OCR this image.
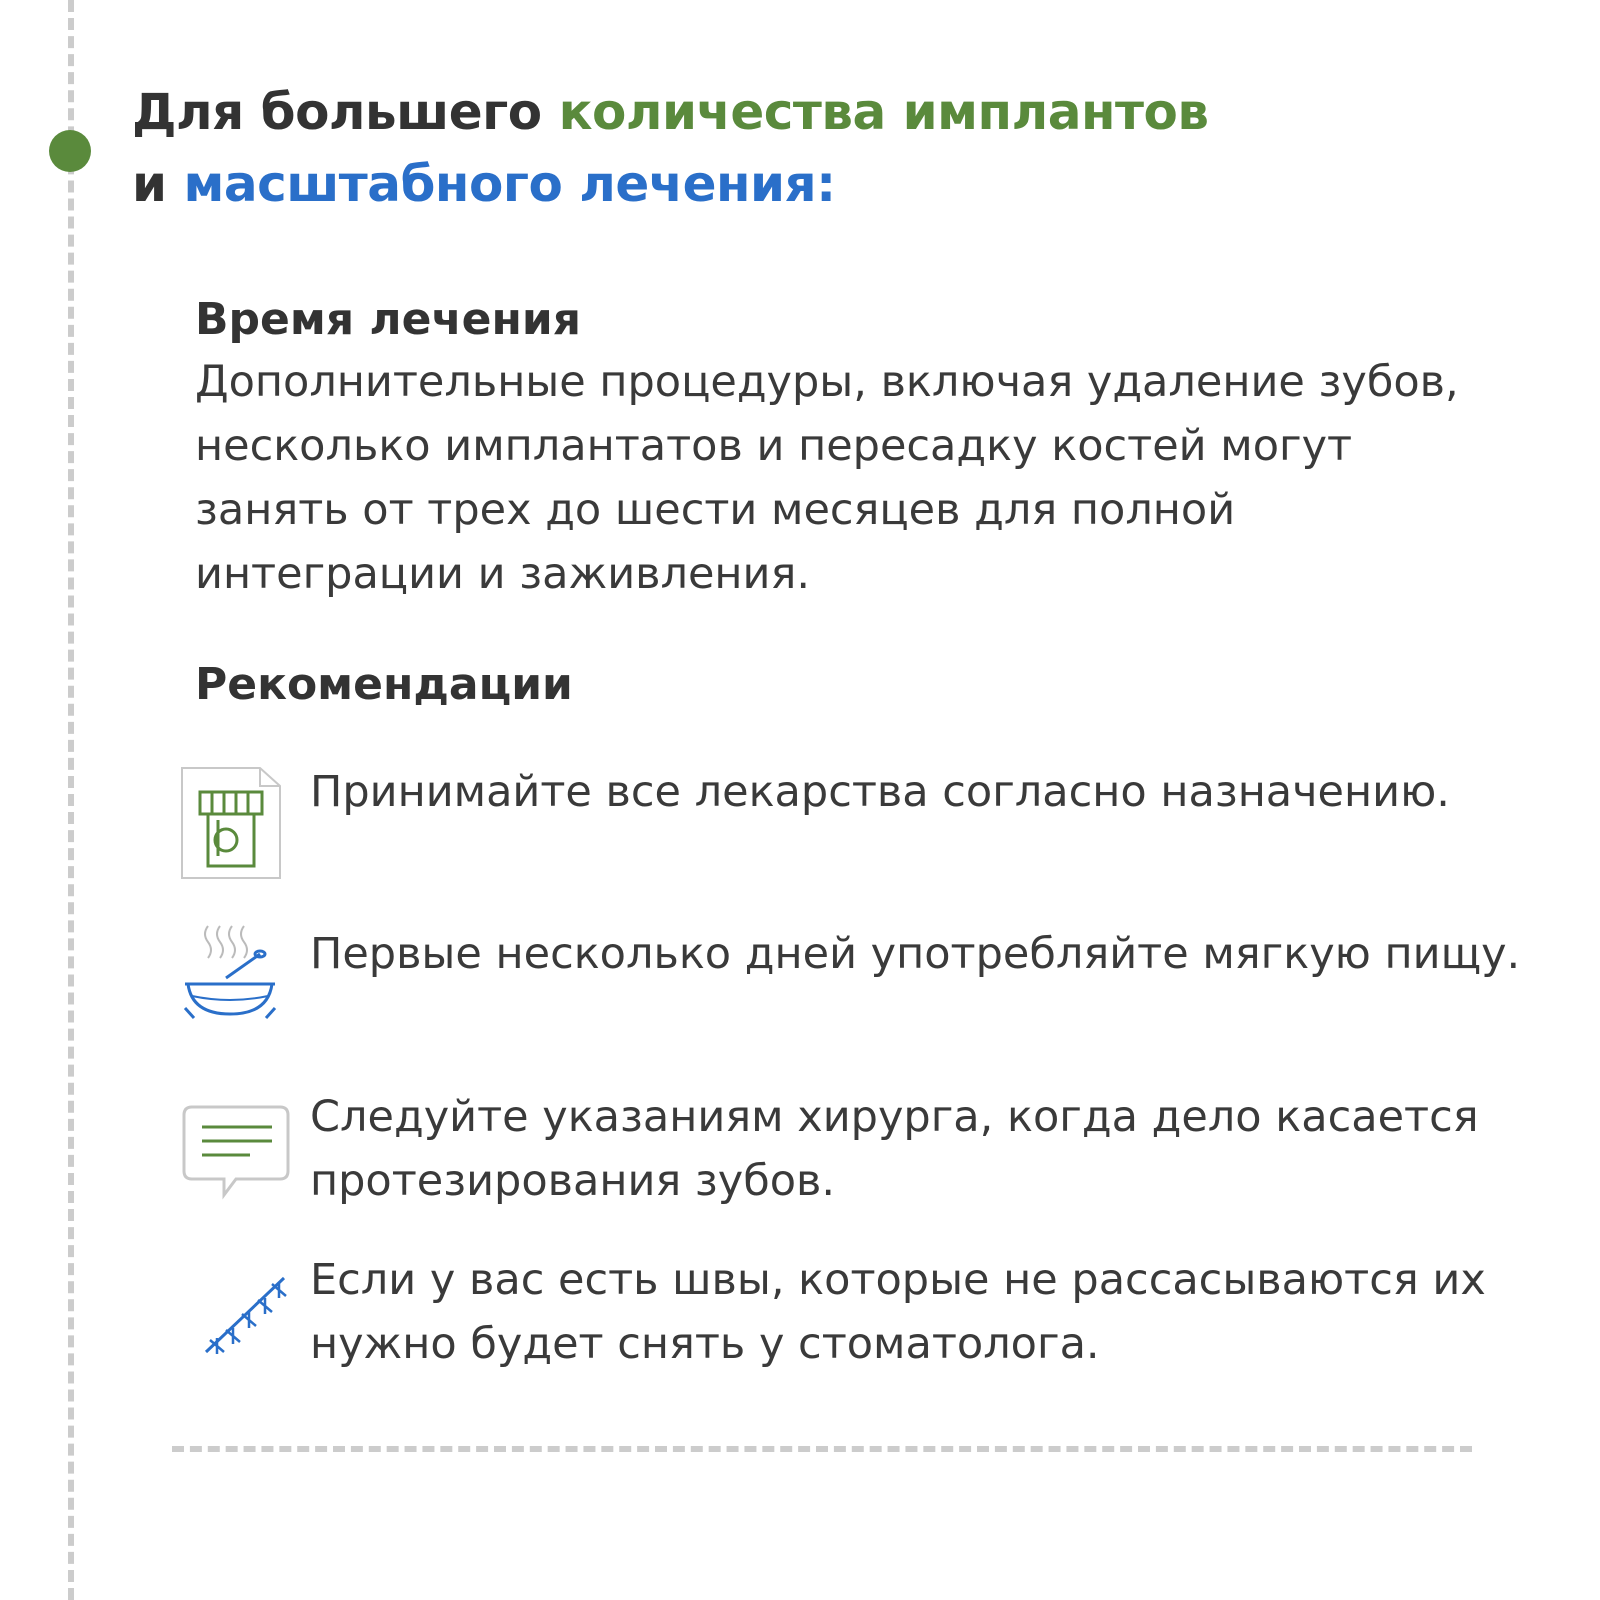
Для большего количества имплантов
и масштабного лечения:
Время лечения

Дополнительные процедуры, включая удаление зубов, несколько имплантатов и пересадку костей могут занять от трех до шести месяцев для полной интеграции и заживления.

Рекомендации

Принимайте все лекарства согласно назначению.

Первые несколько дней употребляйте мягкую пищу.

Следуйте указаниям хирурга, когда дело касается протезирования зубов.

Если у вас есть швы, которые не рассасываются их нужно будет снять у стоматолога.
